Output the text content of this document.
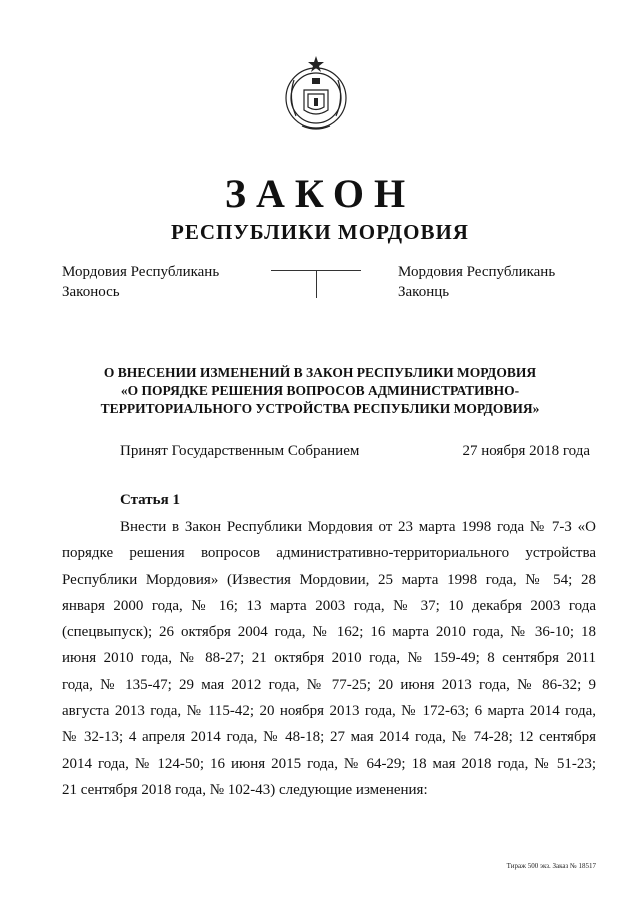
ЗАКОН
РЕСПУБЛИКИ МОРДОВИЯ
Мордовия Республикань
Законось
Мордовия Республикань
Законць
О ВНЕСЕНИИ ИЗМЕНЕНИЙ В ЗАКОН РЕСПУБЛИКИ МОРДОВИЯ
«О ПОРЯДКЕ РЕШЕНИЯ ВОПРОСОВ АДМИНИСТРАТИВНО-
ТЕРРИТОРИАЛЬНОГО УСТРОЙСТВА РЕСПУБЛИКИ МОРДОВИЯ»
Принят Государственным Собранием	27 ноября 2018 года
Статья 1
Внести в Закон Республики Мордовия от 23 марта 1998 года № 7-З «О
порядке решения вопросов административно-территориального устройства
Республики Мордовия» (Известия Мордовии, 25 марта 1998 года, № 54; 28
января 2000 года, № 16; 13 марта 2003 года, № 37; 10 декабря 2003 года
(спецвыпуск); 26 октября 2004 года, № 162; 16 марта 2010 года, № 36-10; 18
июня 2010 года, № 88-27; 21 октября 2010 года, № 159-49; 8 сентября 2011
года, № 135-47; 29 мая 2012 года, № 77-25; 20 июня 2013 года, № 86-32; 9
августа 2013 года, № 115-42; 20 ноября 2013 года, № 172-63; 6 марта 2014 года,
№ 32-13; 4 апреля 2014 года, № 48-18; 27 мая 2014 года, № 74-28; 12 сентября
2014 года, № 124-50; 16 июня 2015 года, № 64-29; 18 мая 2018 года, № 51-23;
21 сентября 2018 года, № 102-43) следующие изменения:
Тираж 500 экз. Заказ № 18517
